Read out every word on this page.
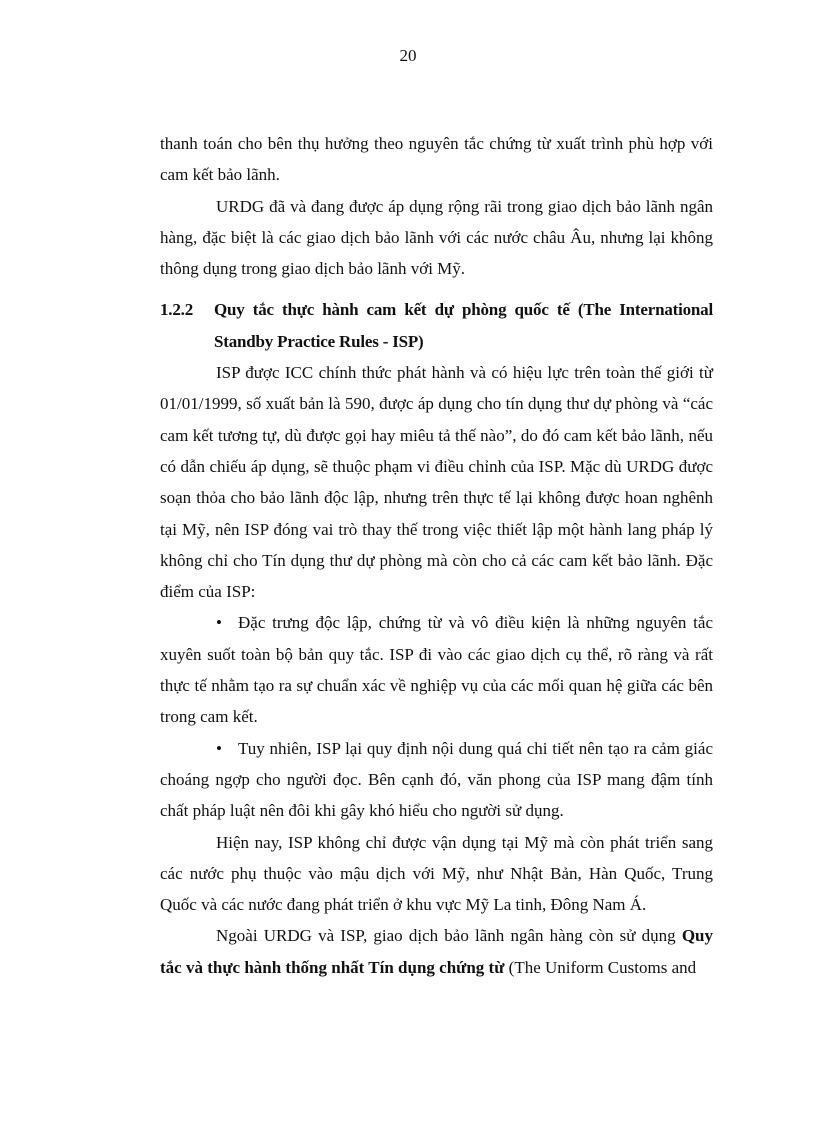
20

thanh toán cho bên thụ hưởng theo nguyên tắc chứng từ xuất trình phù hợp với cam kết bảo lãnh.

URDG đã và đang được áp dụng rộng rãi trong giao dịch bảo lãnh ngân hàng, đặc biệt là các giao dịch bảo lãnh với các nước châu Âu, nhưng lại không thông dụng trong giao dịch bảo lãnh với Mỹ.

1.2.2	Quy tắc thực hành cam kết dự phòng quốc tế (The International Standby Practice Rules - ISP)

ISP được ICC chính thức phát hành và có hiệu lực trên toàn thế giới từ 01/01/1999, số xuất bản là 590, được áp dụng cho tín dụng thư dự phòng và “các cam kết tương tự, dù được gọi hay miêu tả thế nào”, do đó cam kết bảo lãnh, nếu có dẫn chiếu áp dụng, sẽ thuộc phạm vi điều chỉnh của ISP. Mặc dù URDG được soạn thỏa cho bảo lãnh độc lập, nhưng trên thực tế lại không được hoan nghênh tại Mỹ, nên ISP đóng vai trò thay thế trong việc thiết lập một hành lang pháp lý không chỉ cho Tín dụng thư dự phòng mà còn cho cả các cam kết bảo lãnh. Đặc điểm của ISP:

• Đặc trưng độc lập, chứng từ và vô điều kiện là những nguyên tắc xuyên suốt toàn bộ bản quy tắc. ISP đi vào các giao dịch cụ thể, rõ ràng và rất thực tế nhằm tạo ra sự chuẩn xác về nghiệp vụ của các mối quan hệ giữa các bên trong cam kết.

• Tuy nhiên, ISP lại quy định nội dung quá chi tiết nên tạo ra cảm giác choáng ngợp cho người đọc. Bên cạnh đó, văn phong của ISP mang đậm tính chất pháp luật nên đôi khi gây khó hiểu cho người sử dụng.

Hiện nay, ISP không chỉ được vận dụng tại Mỹ mà còn phát triển sang các nước phụ thuộc vào mậu dịch với Mỹ, như Nhật Bản, Hàn Quốc, Trung Quốc và các nước đang phát triển ở khu vực Mỹ La tinh, Đông Nam Á.

Ngoài URDG và ISP, giao dịch bảo lãnh ngân hàng còn sử dụng Quy tắc và thực hành thống nhất Tín dụng chứng từ (The Uniform Customs and
